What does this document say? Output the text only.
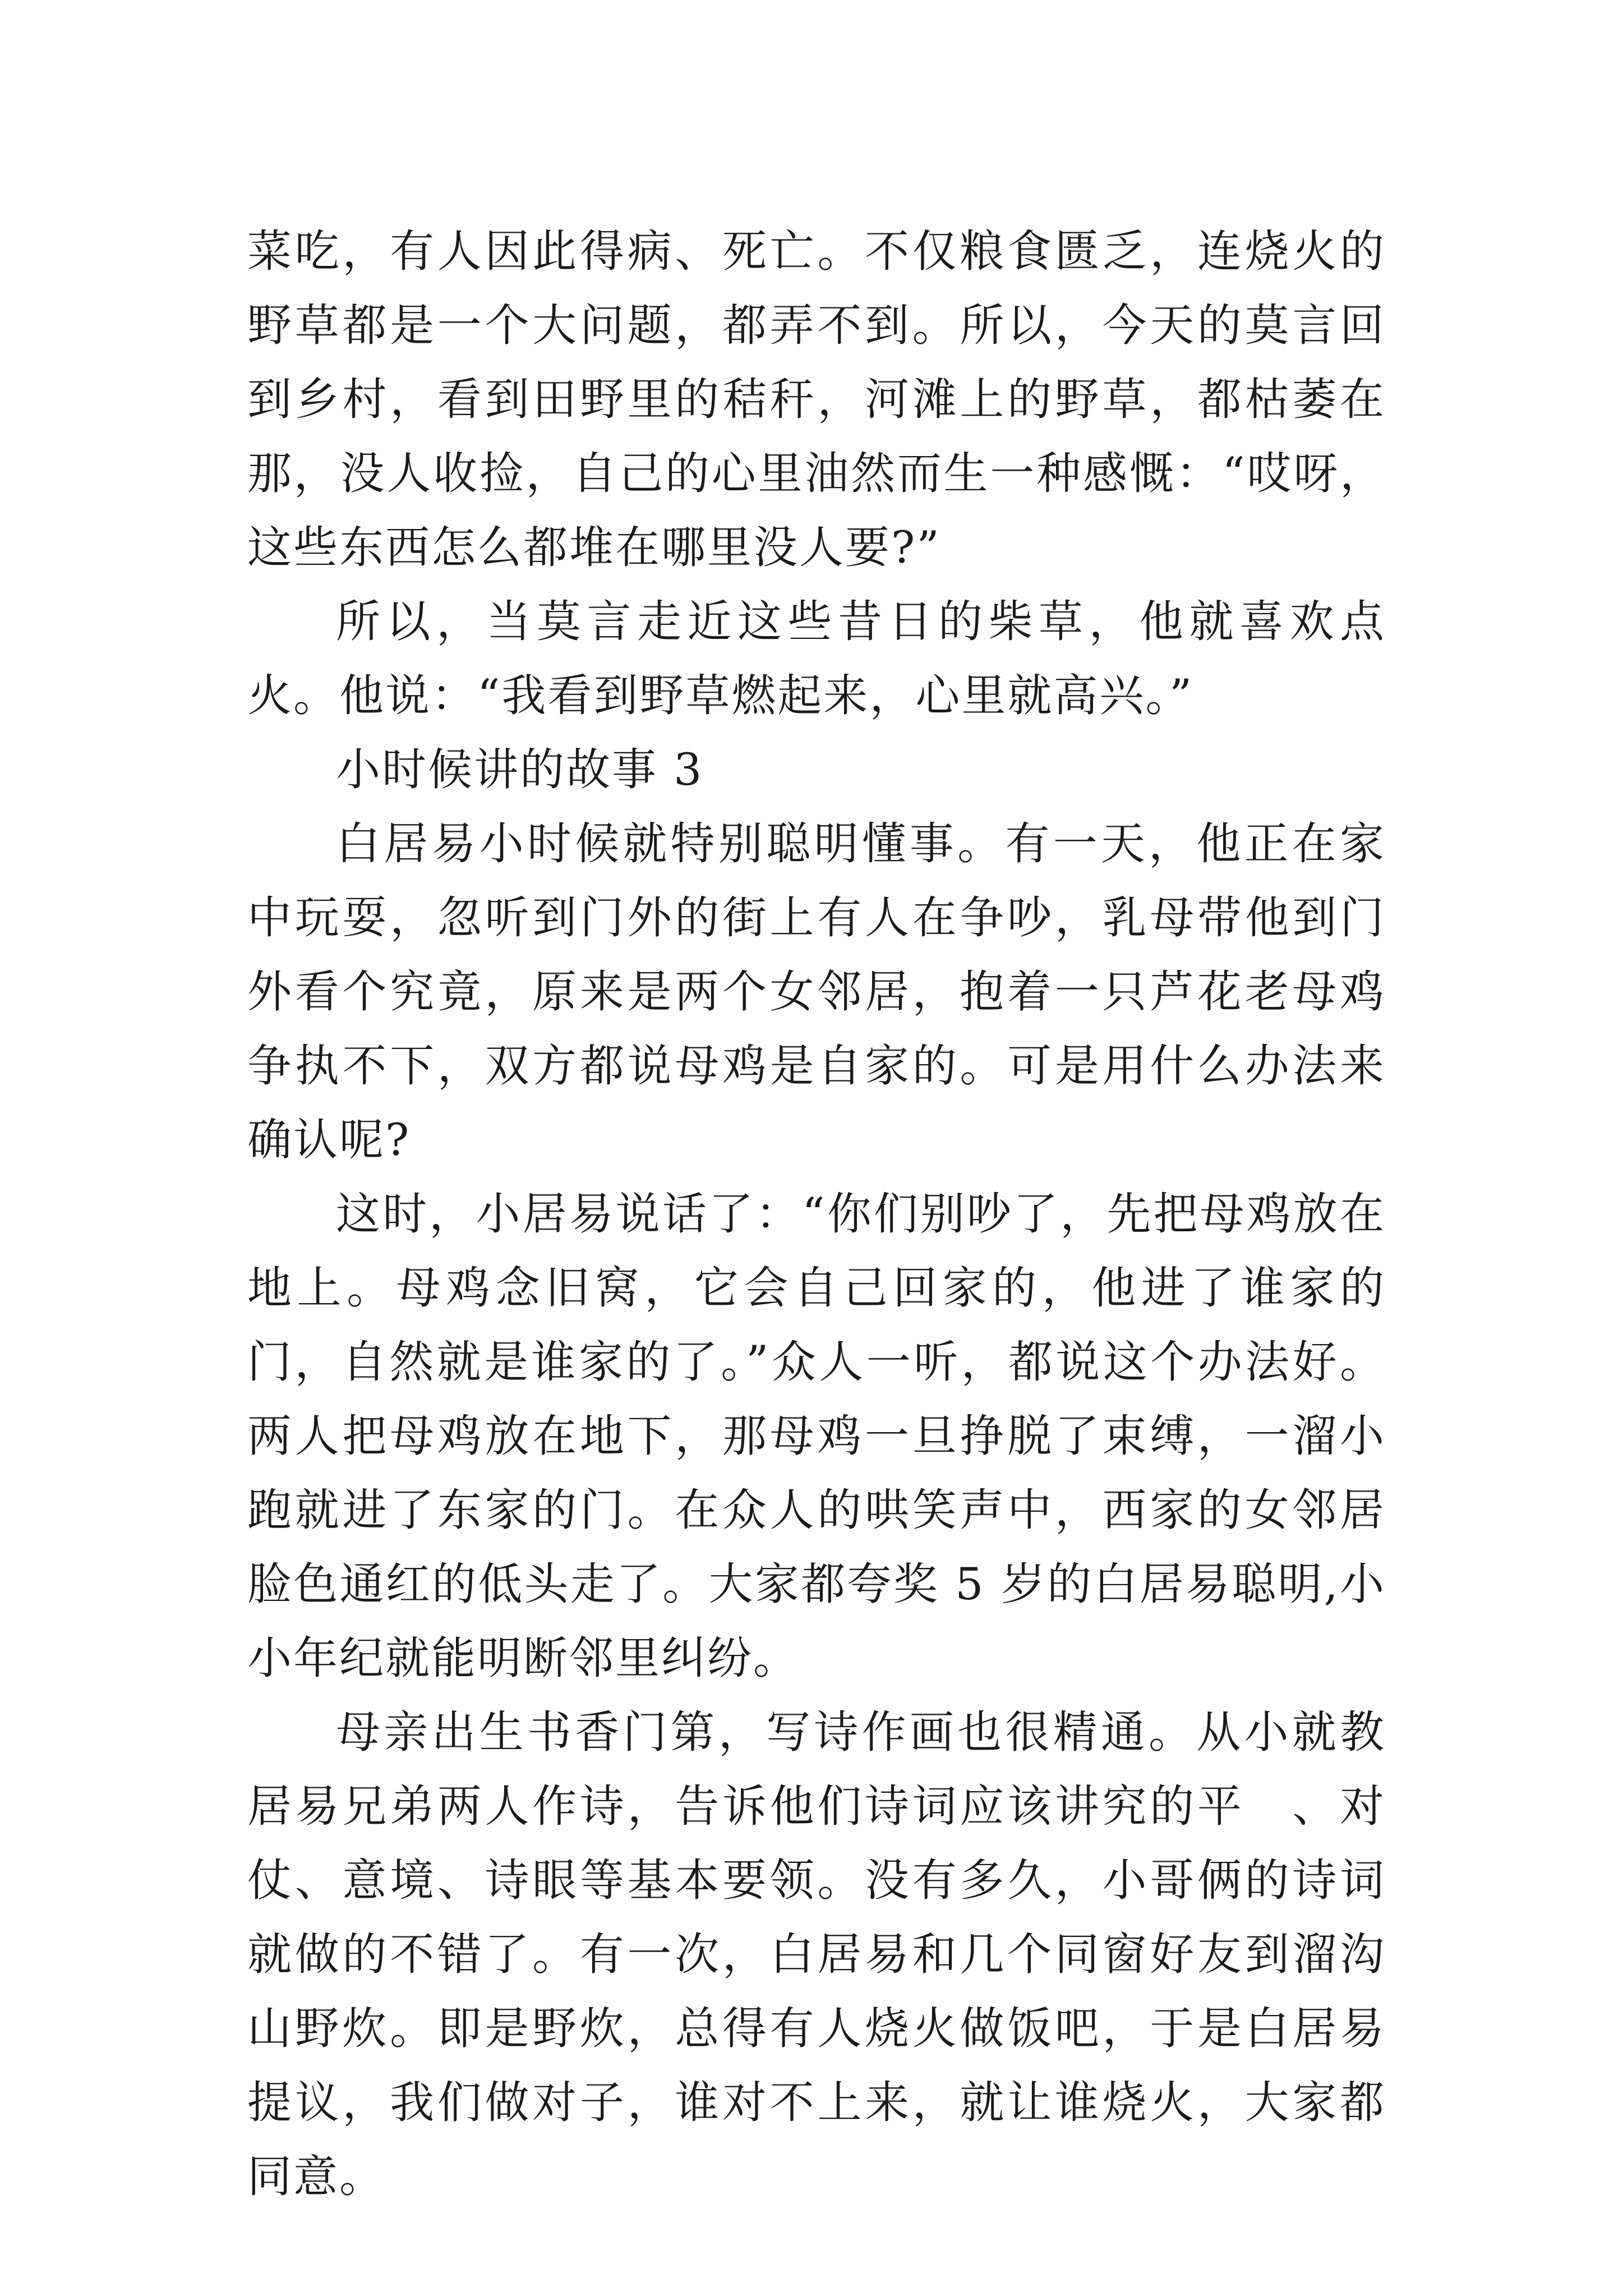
菜吃，有人因此得病、死亡。不仅粮食匮乏，连烧火的野草都是一个大问题，都弄不到。所以，今天的莫言回到乡村，看到田野里的秸秆，河滩上的野草，都枯萎在那，没人收捡，自己的心里油然而生一种感慨：“哎呀，这些东西怎么都堆在哪里没人要?”

所以，当莫言走近这些昔日的柴草，他就喜欢点火。他说：“我看到野草燃起来，心里就高兴。”

小时候讲的故事 3

白居易小时候就特别聪明懂事。有一天，他正在家中玩耍，忽听到门外的街上有人在争吵，乳母带他到门外看个究竟，原来是两个女邻居，抱着一只芦花老母鸡争执不下，双方都说母鸡是自家的。可是用什么办法来确认呢?

这时，小居易说话了：“你们别吵了，先把母鸡放在地上。母鸡念旧窝，它会自己回家的，他进了谁家的门，自然就是谁家的了。”众人一听，都说这个办法好。两人把母鸡放在地下，那母鸡一旦挣脱了束缚，一溜小跑就进了东家的门。在众人的哄笑声中，西家的女邻居脸色通红的低头走了。大家都夸奖 5 岁的白居易聪明,小小年纪就能明断邻里纠纷。

母亲出生书香门第，写诗作画也很精通。从小就教居易兄弟两人作诗，告诉他们诗词应该讲究的平　、对仗、意境、诗眼等基本要领。没有多久，小哥俩的诗词就做的不错了。有一次，白居易和几个同窗好友到溜沟山野炊。即是野炊，总得有人烧火做饭吧，于是白居易提议，我们做对子，谁对不上来，就让谁烧火，大家都同意。
